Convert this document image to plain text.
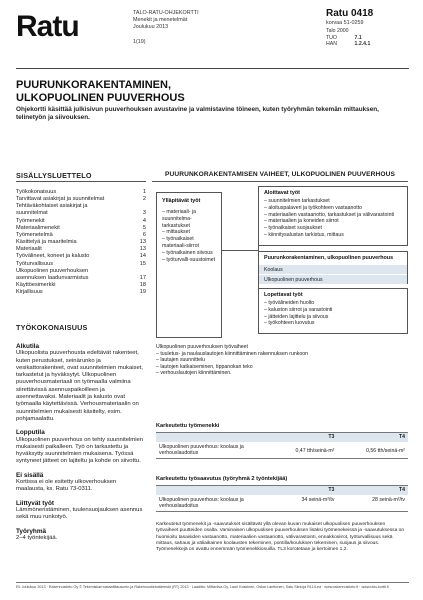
Ratu	TALO-RATU-OHJEKORTTI
Menekit ja menetelmät
Joulukuu 2013
1(19)
Ratu 0418
korvaa 51-0259
Talo 2000	
TUO	7.1
HAN	1.2.4.1
PUURUNKORAKENTAMINEN,
ULKOPUOLINEN PUUVERHOUS
Ohjekortti käsittää julkisivun puuverhouksen avustavine ja valmistavine töineen, kuten työryhmän tekemän mittauksen, telinetyön ja siivouksen.
SISÄLLYSLUETTELO
Työkokonaisuus	1
Tarvittavat asiakirjat ja suunnitelmat	2
Tehtäväkohtaiset asiakirjat ja
suunnitelmat	3
Työmenekit	4
Materiaalimenekit	5
Työmenetelmä	6
Käsittelyä ja maaritelmia	13
Materiaalit	13
Työvälineet, koneet ja kalusto	14
Työturvallisuus	15
Ulkopuolinen puuverhouksen
asennuksen laadunvarmistus	17
Käyttöesimerkki	18
Kirjallisuus	19
TYÖKOKONAISUUS
Alkutila

Ulkopuolista puuverhousta edeltävät rakenteet, kuten perustukset, seinärunko ja vesikattorakenteet, ovat suunnitelmien mukaiset, tarkastetut ja hyväksytyt. Ulkopuolinen puuverhousmateriaali on työmaalla valmiina siirettävissä asennuspaikoilleen ja asennettavaksi. Materiaalit ja kalusto ovat työmaalla käytettävissä. Verhousmateriaalin on suunnitelmien mukaisesti käsitelty, esim. pohjamaalattu.

Lopputila

Ulkopuolinen puuverhous on tehty suunnitelmien mukaisesti paikalleen. Työ on tarkastettu ja hyväksytty suunnitelmien mukaisena. Työssä syntyneet jätteet on lajiteltu ja kohde on siivottu.

Ei sisällä

Kortissa ei ole esitetty ulkoverhouksen maalausta, ks. Ratu 73-0311.

Liittyvät työt

Lämmöneristäminen, tuulensuojauksen asennus sekä muu runkotyö.

Työryhmä

2–4 työntekijää.

PUURUNKORAKENTAMISEN VAIHEET, ULKOPUOLINEN PUUVERHOUS
Ylläpitävät työt
– materiaali- ja suunnitelma-tarkastukset
– mittaukset
– työnaikaiset materiaali-siirrot
– työnaikainen siivous
– työturvalli-suustoimet
Aloittavat työt
– suunnitelmien tarkastukset
– aloituspalaveri ja työkohteen vastaanotto
– materiaalien vastaanotto, tarkastukset ja välivarastointi
– materiaalien ja koneiden siirrot
– työnaikaiset suojaukset
– kiinnitysalustan tarkistus, mittaus
Puurunkorakentaminen, ulkopuolinen puuverhous
Koolaus
Ulkopuolinen puuverhous
Lopettavat työt
– työvälineiden huolto
– kaluston siirrot ja varastointi
– jätteiden lajittelu ja siivous
– työkohteen luovutus
Ulkopuolinen puuverhouksen työvaiheet
– tuuletus- ja naulauslautojen kiinnittäminen rakennuksen runkoon
– lautajen suunnittelu
– lautojen katkaiseminen, tippanokan teko
– verhouslautojen kiinnittäminen.
Karkeutettu työmenekki
	T3	T4
Ulkopuolinen puuverhous: koolaus ja verhouslaudoitus	0,47 tth/seinä-m²	0,56 tth/seinä-m²
Karkeutettu työsaavutus (työryhmä 2 työntekijää)
	T3	T4
Ulkopuolinen puuverhous: koolaus ja verhouslaudoitus	34 seinä-m²/tv	28 seinä-m²/tv
Karkeutetut työmenekit ja -saavutukset sisältävät yllä olevan kuvan mukaiset ulkopuolisen puuverhouksen työvaiheet puutteiden osalta. Varsinaisen ulkopuolisen puuverhouksen lisäksi työmenekeissä ja -saavutuksessa on huomioitu tasaisiden vastaanotto, materiaalien vastaanotto, välivarastointi, ennakkosiirot, työturvallisuus sekä mittaus, sahaus ja väliaikainen koolausten tekeminen, pontilla/kouluksen tekeminen, suojaus ja siivous. Työmenekkejä on avattu ennemmän työmenekkiosuilla. TL3 korotetaan ja kertoimen 1,2.
RL Joulukuu 2013 · Rakennustieto Oy © Tekemiskarnustaattilausunto ja Rakennustietoäänestö (RT) 2013 · Laadittu: Mittaviiva Oy, Lauri Koskinen, Oskar Lanttonen, Satu Siinioja RLL/Lea · www.rakennustieto.fi · www.ratu-kortti.fi
